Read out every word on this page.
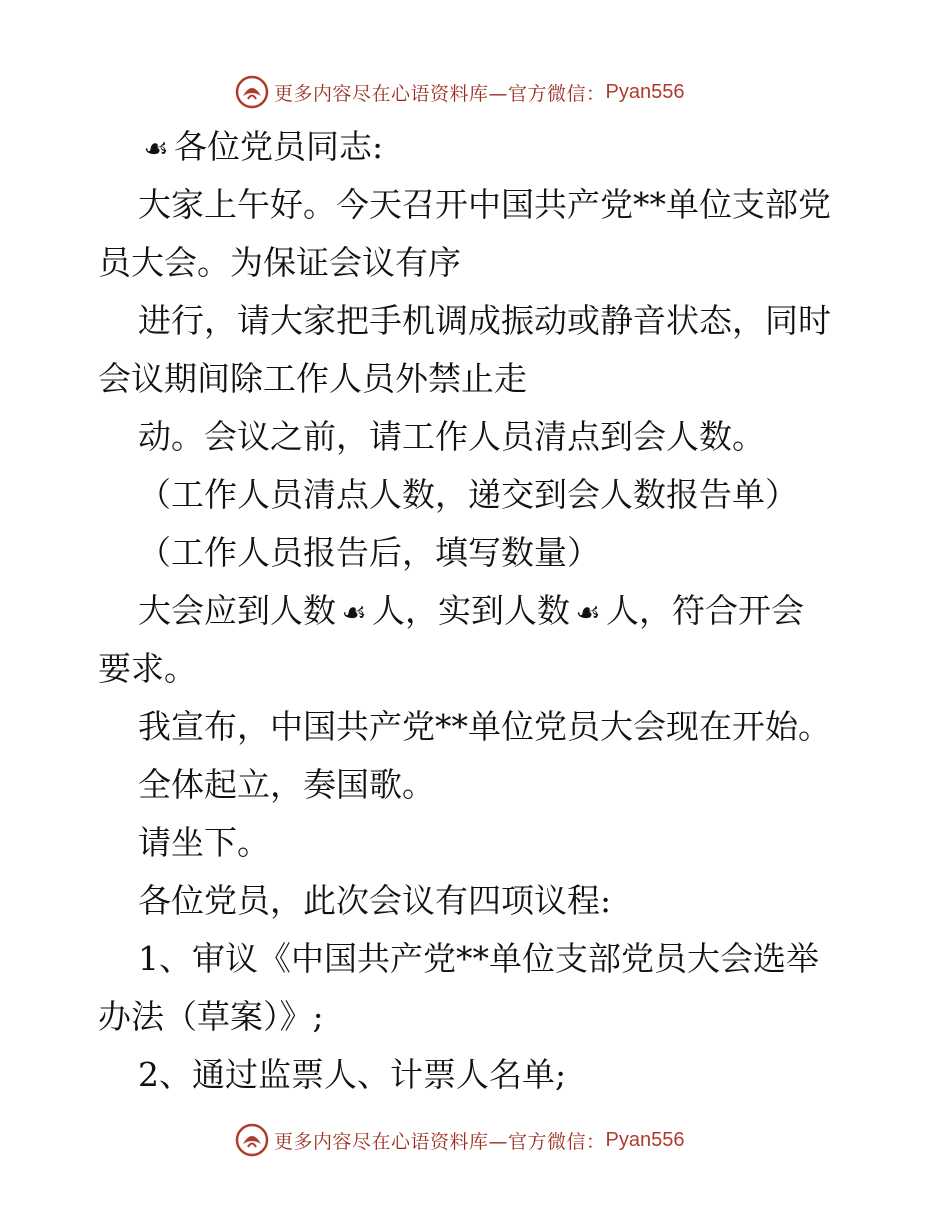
更多内容尽在心语资料库—官方微信： Pyan556
☙ 各位党员同志:
大家上午好。今天召开中国共产党**单位支部党
员大会。为保证会议有序
进行，请大家把手机调成振动或静音状态，同时
会议期间除工作人员外禁止走
动。会议之前，请工作人员清点到会人数。
（工作人员清点人数，递交到会人数报告单）
（工作人员报告后，填写数量）
大会应到人数 ☙ 人，实到人数 ☙ 人，符合开会
要求。
我宣布，中国共产党**单位党员大会现在开始。
全体起立，奏国歌。
请坐下。
各位党员，此次会议有四项议程:
1、审议《中国共产党**单位支部党员大会选举
办法（草案）》;
2、通过监票人、计票人名单;
更多内容尽在心语资料库—官方微信： Pyan556
